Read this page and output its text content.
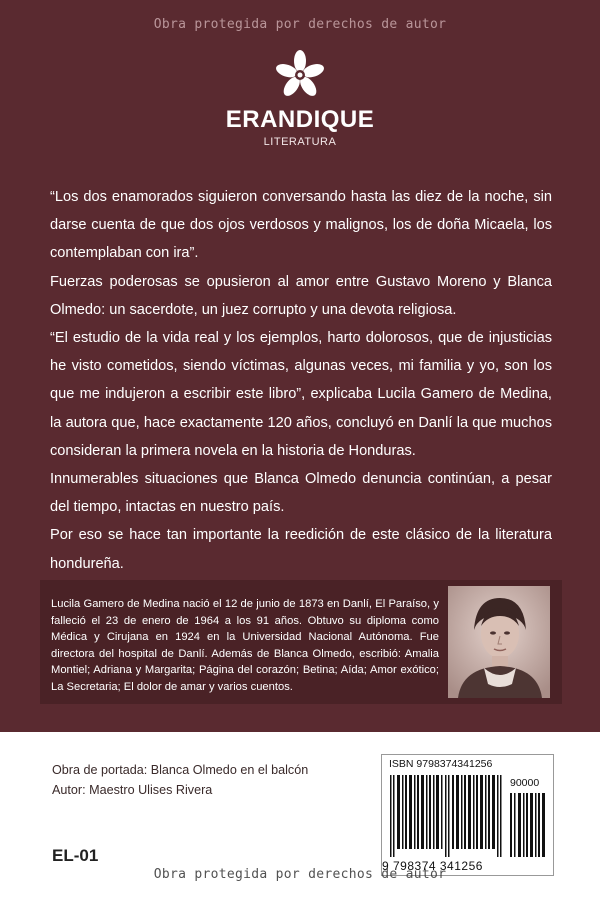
Obra protegida por derechos de autor
ERANDIQUE
LITERATURA

“Los dos enamorados siguieron conversando hasta las diez de la noche, sin darse cuenta de que dos ojos verdosos y malignos, los de doña Micaela, los contemplaban con ira”.

Fuerzas poderosas se opusieron al amor entre Gustavo Moreno y Blanca Olmedo: un sacerdote, un juez corrupto y una devota religiosa.

“El estudio de la vida real y los ejemplos, harto dolorosos, que de injusticias he visto cometidos, siendo víctimas, algunas veces, mi familia y yo, son los que me indujeron a escribir este libro”, explicaba Lucila Gamero de Medina, la autora que, hace exactamente 120 años, concluyó en Danlí la que muchos consideran la primera novela en la historia de Honduras.

Innumerables situaciones que Blanca Olmedo denuncia continúan, a pesar del tiempo, intactas en nuestro país.

Por eso se hace tan importante la reedición de este clásico de la literatura hondureña.

Lucila Gamero de Medina nació el 12 de junio de 1873 en Danlí, El Paraíso, y falleció el 23 de enero de 1964 a los 91 años. Obtuvo su diploma como Médica y Cirujana en 1924 en la Universidad Nacional Autónoma. Fue directora del hospital de Danlí. Además de Blanca Olmedo, escribió: Amalia Montiel; Adriana y Margarita; Página del corazón; Betina; Aída; Amor exótico; La Secretaria; El dolor de amar y varios cuentos.
Obra de portada: Blanca Olmedo en el balcón
Autor: Maestro Ulises Rivera
EL-01
ISBN 9798374341256
90000
9 798374 341256
Obra protegida por derechos de autor
